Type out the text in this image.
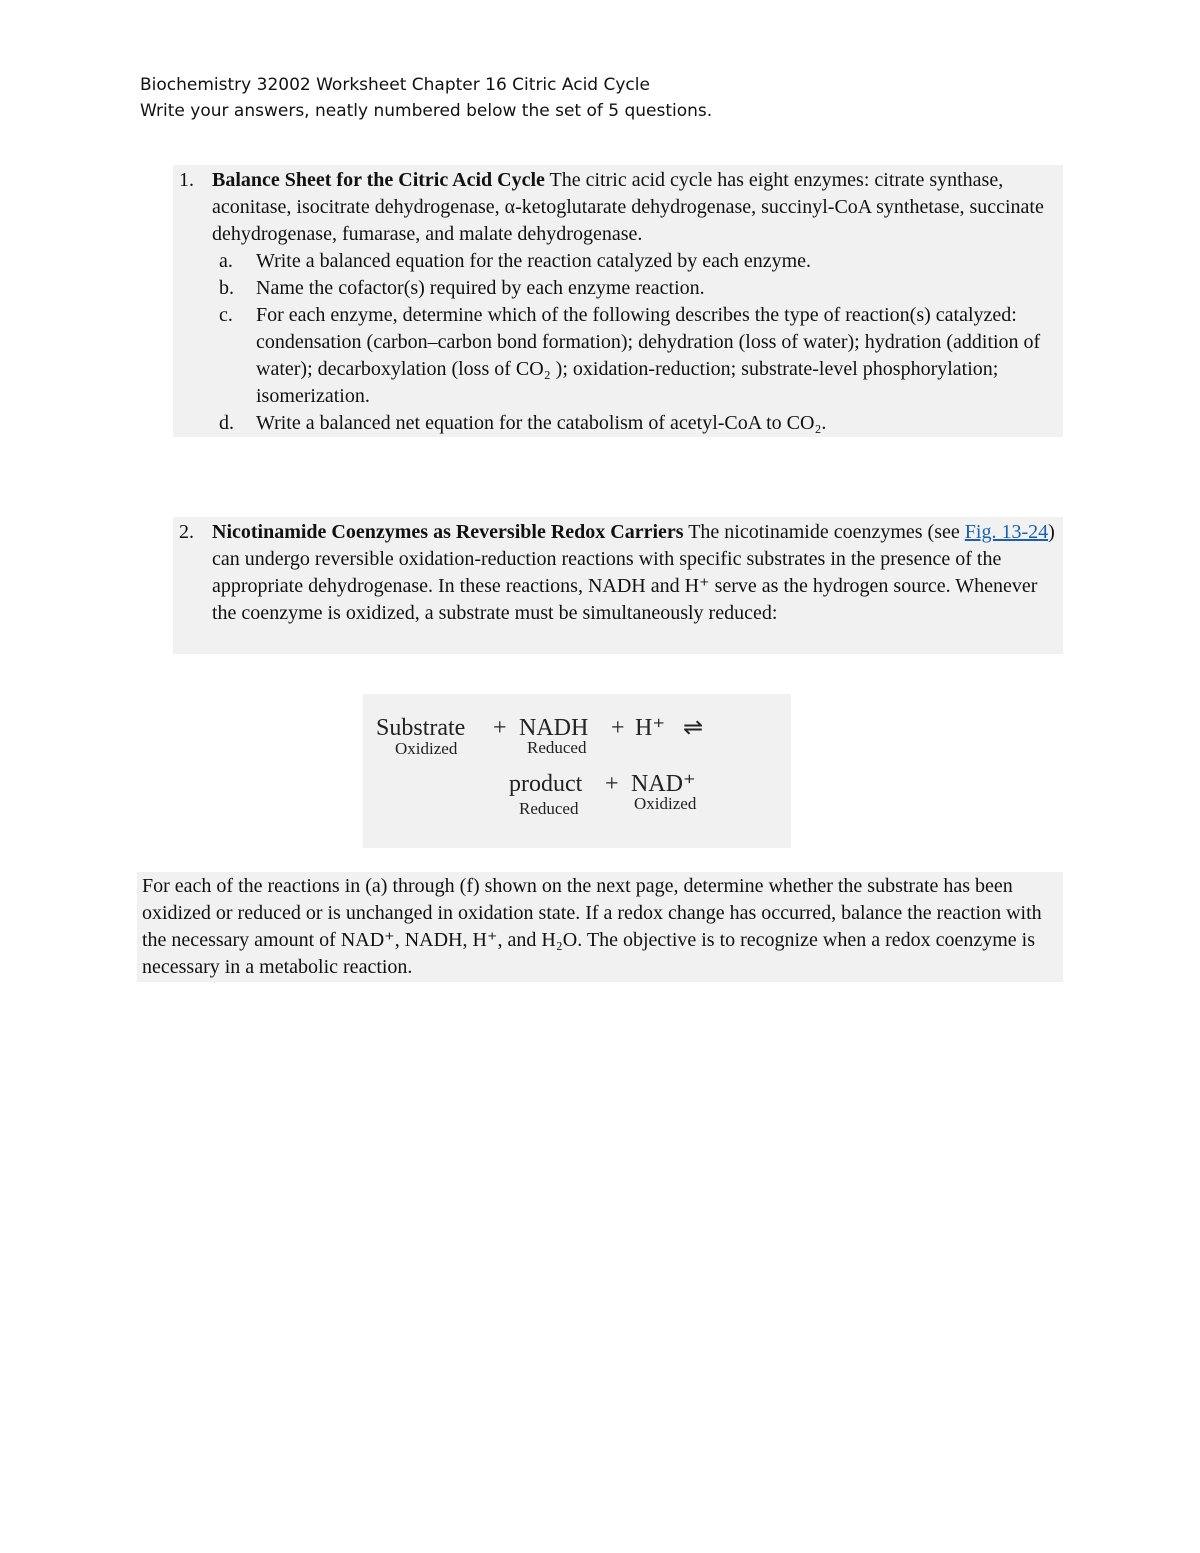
Biochemistry 32002 Worksheet Chapter 16 Citric Acid Cycle
Write your answers, neatly numbered below the set of 5 questions.
1. Balance Sheet for the Citric Acid Cycle The citric acid cycle has eight enzymes: citrate synthase, aconitase, isocitrate dehydrogenase, α-ketoglutarate dehydrogenase, succinyl-CoA synthetase, succinate dehydrogenase, fumarase, and malate dehydrogenase.
a.	Write a balanced equation for the reaction catalyzed by each enzyme.
b.	Name the cofactor(s) required by each enzyme reaction.
c.	For each enzyme, determine which of the following describes the type of reaction(s) catalyzed: condensation (carbon–carbon bond formation); dehydration (loss of water); hydration (addition of water); decarboxylation (loss of CO₂ ); oxidation-reduction; substrate-level phosphorylation; isomerization.
d.	Write a balanced net equation for the catabolism of acetyl-CoA to CO₂.
2. Nicotinamide Coenzymes as Reversible Redox Carriers The nicotinamide coenzymes (see Fig. 13-24) can undergo reversible oxidation-reduction reactions with specific substrates in the presence of the appropriate dehydrogenase. In these reactions, NADH and H⁺ serve as the hydrogen source. Whenever the coenzyme is oxidized, a substrate must be simultaneously reduced:
Substrate + NADH + H⁺ ⇌
Oxidized	Reduced
product + NAD⁺
Reduced	Oxidized
For each of the reactions in (a) through (f) shown on the next page, determine whether the substrate has been oxidized or reduced or is unchanged in oxidation state. If a redox change has occurred, balance the reaction with the necessary amount of NAD⁺, NADH, H⁺, and H₂O. The objective is to recognize when a redox coenzyme is necessary in a metabolic reaction.
